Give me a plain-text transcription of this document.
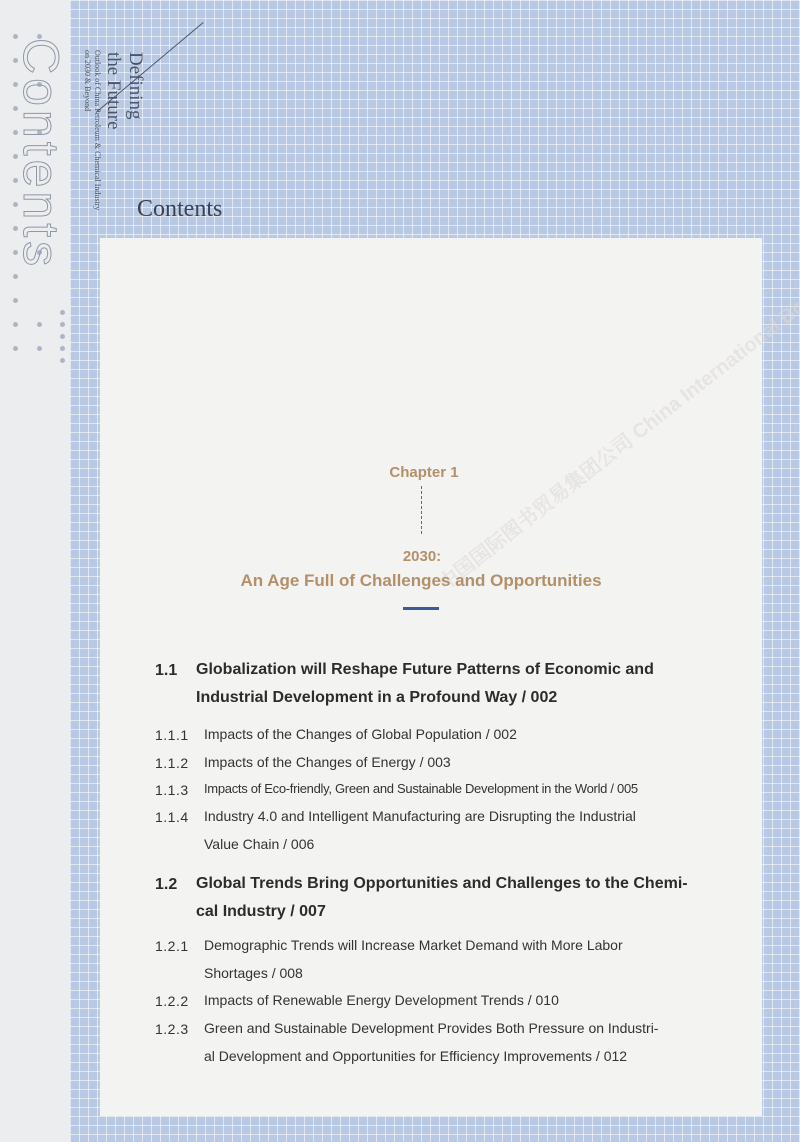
Contents	Defining
the Future
Outlook of China Petroleum & Chemical Industry
on 2030 & Beyond
Contents
中国国际图书贸易集团公司 China International Book
Chapter 1
2030:
An Age Full of Challenges and Opportunities
1.1 Globalization will Reshape Future Patterns of Economic and
Industrial Development in a Profound Way / 002
1.1.1 Impacts of the Changes of Global Population / 002
1.1.2 Impacts of the Changes of Energy / 003
1.1.3 Impacts of Eco-friendly, Green and Sustainable Development in the World / 005
1.1.4 Industry 4.0 and Intelligent Manufacturing are Disrupting the Industrial
Value Chain / 006
1.2 Global Trends Bring Opportunities and Challenges to the Chemi-
cal Industry / 007
1.2.1 Demographic Trends will Increase Market Demand with More Labor
Shortages / 008
1.2.2 Impacts of Renewable Energy Development Trends / 010
1.2.3 Green and Sustainable Development Provides Both Pressure on Industri-
al Development and Opportunities for Efficiency Improvements / 012
